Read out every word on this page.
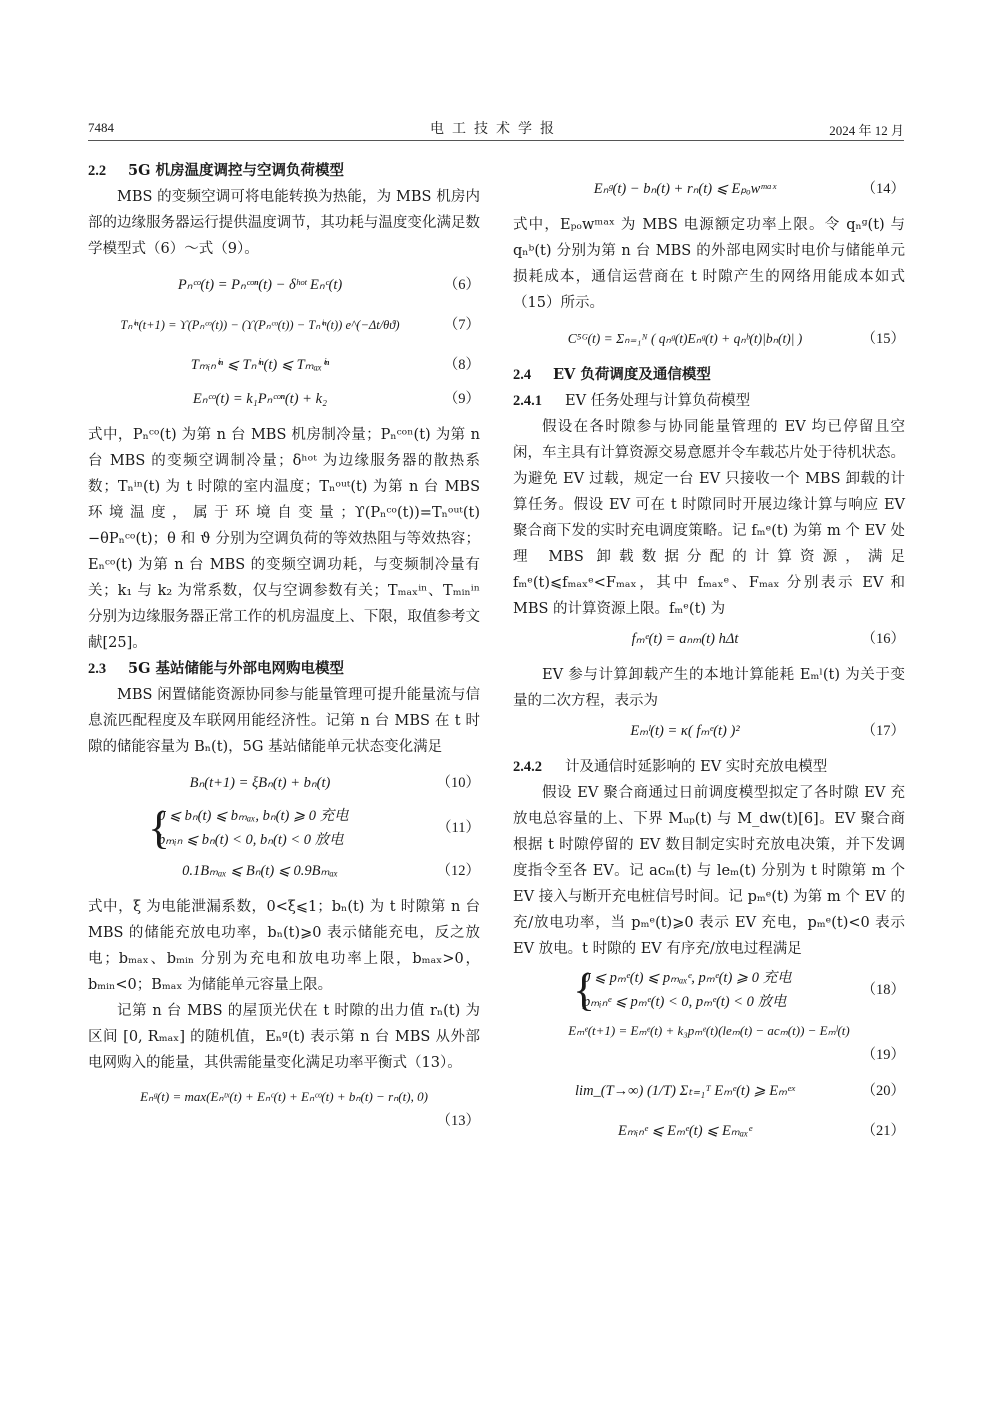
7484	电工技术学报	2024 年 12 月
2.2 5G 机房温度调控与空调负荷模型

MBS 的变频空调可将电能转换为热能，为 MBS 机房内部的边缘服务器运行提供温度调节，其功耗与温度变化满足数学模型式（6）～式（9）。

Pₙᶜᵒ(t) = Pₙᶜᵒⁿ(t) − δʰᵒᵗ Eₙᶜ(t)	（6）
Tₙⁱⁿ(t+1) = ϒ(Pₙᶜᵒ(t)) − (ϒ(Pₙᶜᵒ(t)) − Tₙⁱⁿ(t)) e^(−Δt/θϑ)	（7）
Tₘᵢₙⁱⁿ ⩽ Tₙⁱⁿ(t) ⩽ Tₘₐₓⁱⁿ	（8）
Eₙᶜᵒ(t) = k₁Pₙᶜᵒⁿ(t) + k₂	（9）

式中，Pₙᶜᵒ(t) 为第 n 台 MBS 机房制冷量；Pₙᶜᵒⁿ(t) 为第 n 台 MBS 的变频空调制冷量；δʰᵒᵗ 为边缘服务器的散热系数；Tₙⁱⁿ(t) 为 t 时隙的室内温度；Tₙᵒᵘᵗ(t) 为第 n 台 MBS 环境温度，属于环境自变量；ϒ(Pₙᶜᵒ(t))=Tₙᵒᵘᵗ(t)−θPₙᶜᵒ(t)；θ 和 ϑ 分别为空调负荷的等效热阻与等效热容；Eₙᶜᵒ(t) 为第 n 台 MBS 的变频空调功耗，与变频制冷量有关；k₁ 与 k₂ 为常系数，仅与空调参数有关；Tₘₐₓⁱⁿ、Tₘᵢₙⁱⁿ 分别为边缘服务器正常工作的机房温度上、下限，取值参考文献[25]。

2.3 5G 基站储能与外部电网购电模型

MBS 闲置储能资源协同参与能量管理可提升能量流与信息流匹配程度及车联网用能经济性。记第 n 台 MBS 在 t 时隙的储能容量为 Bₙ(t)，5G 基站储能单元状态变化满足

Bₙ(t+1) = ξBₙ(t) + bₙ(t)	（10）
{
0 ⩽ bₙ(t) ⩽ bₘₐₓ, bₙ(t) ⩾ 0 充电
bₘᵢₙ ⩽ bₙ(t) < 0, bₙ(t) < 0 放电
（11）
0.1Bₘₐₓ ⩽ Bₙ(t) ⩽ 0.9Bₘₐₓ	（12）

式中，ξ 为电能泄漏系数，0<ξ⩽1；bₙ(t) 为 t 时隙第 n 台 MBS 的储能充放电功率，bₙ(t)⩾0 表示储能充电，反之放电；bₘₐₓ、bₘᵢₙ 分别为充电和放电功率上限，bₘₐₓ>0，bₘᵢₙ<0；Bₘₐₓ 为储能单元容量上限。

记第 n 台 MBS 的屋顶光伏在 t 时隙的出力值 rₙ(t) 为区间 [0, Rₘₐₓ] 的随机值，Eₙᵍ(t) 表示第 n 台 MBS 从外部电网购入的能量，其供需能量变化满足功率平衡式（13）。

Eₙᵍ(t) = max(Eₙᵗˣ(t) + Eₙᶜ(t) + Eₙᶜᵒ(t) + bₙ(t) − rₙ(t), 0)
（13）
Eₙᵍ(t) − bₙ(t) + rₙ(t) ⩽ Eₚₒwᵐᵃˣ	（14）

式中，Eₚₒwᵐᵃˣ 为 MBS 电源额定功率上限。令 qₙᵍ(t) 与 qₙᵇ(t) 分别为第 n 台 MBS 的外部电网实时电价与储能单元损耗成本，通信运营商在 t 时隙产生的网络用能成本如式（15）所示。

C⁵ᴳ(t) = Σₙ₌₁ᴺ ( qₙᵍ(t)Eₙᵍ(t) + qₙᵇ(t)|bₙ(t)| )	（15）
2.4 EV 负荷调度及通信模型
2.4.1 EV 任务处理与计算负荷模型

假设在各时隙参与协同能量管理的 EV 均已停留且空闲，车主具有计算资源交易意愿并令车载芯片处于待机状态。为避免 EV 过载，规定一台 EV 只接收一个 MBS 卸载的计算任务。假设 EV 可在 t 时隙同时开展边缘计算与响应 EV 聚合商下发的实时充电调度策略。记 fₘᵉ(t) 为第 m 个 EV 处理 MBS 卸载数据分配的计算资源，满足 fₘᵉ(t)⩽fₘₐₓᵉ<Fₘₐₓ，其中 fₘₐₓᵉ、Fₘₐₓ 分别表示 EV 和 MBS 的计算资源上限。fₘᵉ(t) 为

fₘᵉ(t) = aₙₘ(t) hΔt	（16）

EV 参与计算卸载产生的本地计算能耗 Eₘˡ(t) 为关于变量的二次方程，表示为

Eₘˡ(t) = κ( fₘᵉ(t) )²	（17）
2.4.2 计及通信时延影响的 EV 实时充放电模型

假设 EV 聚合商通过日前调度模型拟定了各时隙 EV 充放电总容量的上、下界 Mᵤₚ(t) 与 M_dw(t)[6]。EV 聚合商根据 t 时隙停留的 EV 数目制定实时充放电决策，并下发调度指令至各 EV。记 acₘ(t) 与 leₘ(t) 分别为 t 时隙第 m 个 EV 接入与断开充电桩信号时间。记 pₘᵉ(t) 为第 m 个 EV 的充/放电功率，当 pₘᵉ(t)⩾0 表示 EV 充电，pₘᵉ(t)<0 表示 EV 放电。t 时隙的 EV 有序充/放电过程满足

{
0 ⩽ pₘᵉ(t) ⩽ pₘₐₓᵉ, pₘᵉ(t) ⩾ 0 充电
pₘᵢₙᵉ ⩽ pₘᵉ(t) < 0, pₘᵉ(t) < 0 放电
（18）
Eₘᵉ(t+1) = Eₘᵉ(t) + k₃pₘᵉ(t)(leₘ(t) − acₘ(t)) − Eₘˡ(t)
（19）
lim_(T→∞) (1/T) Σₜ₌₁ᵀ Eₘᵉ(t) ⩾ Eₘᵉˣ	（20）
Eₘᵢₙᵉ ⩽ Eₘᵉ(t) ⩽ Eₘₐₓᵉ	（21）
